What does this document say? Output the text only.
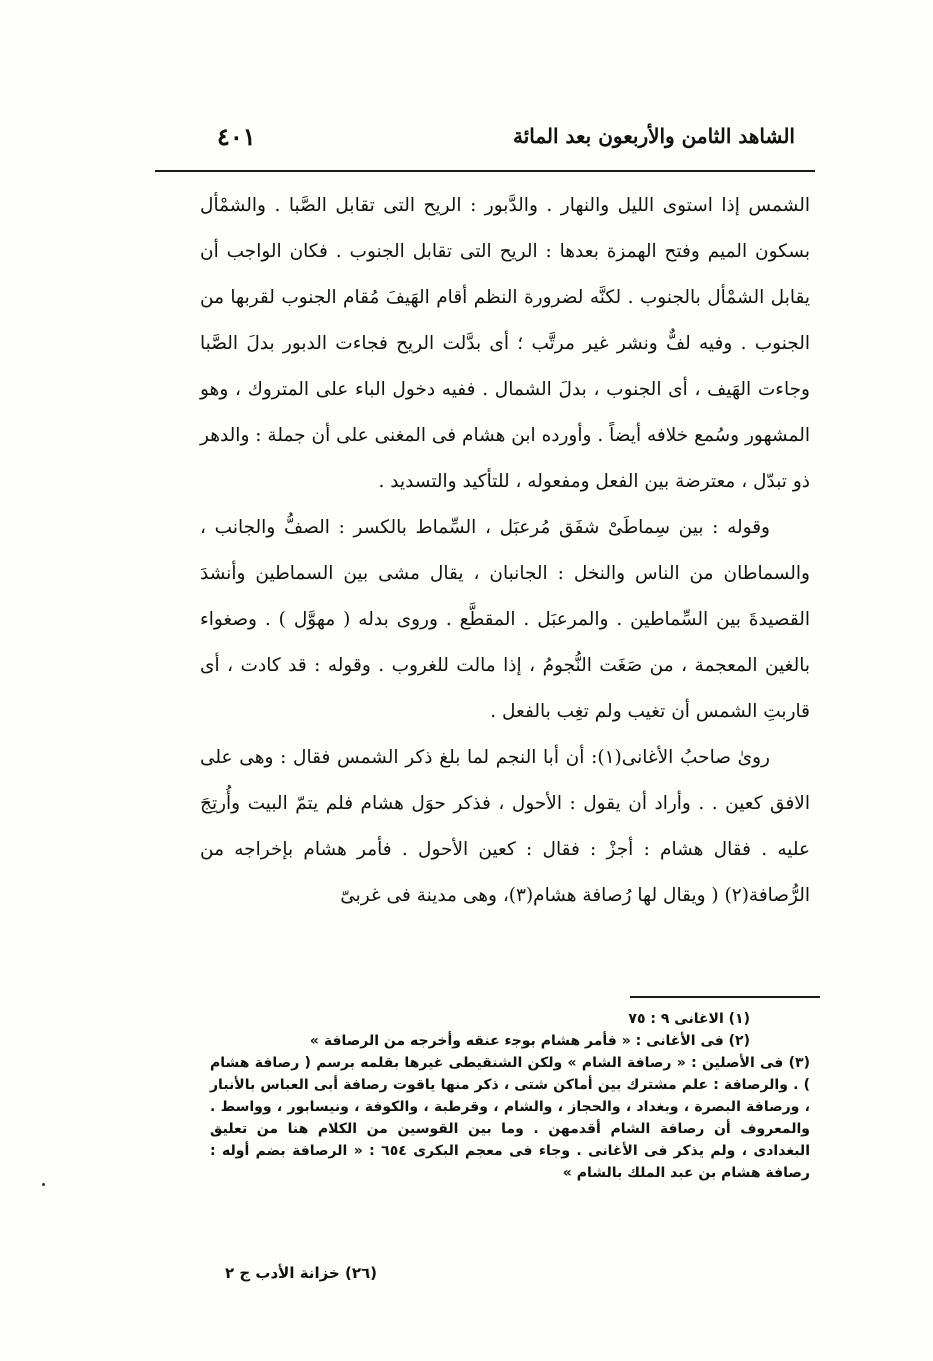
الشاهد الثامن والأربعون بعد المائة
٤٠١

الشمس إذا استوى الليل والنهار . والدَّبور : الريح التى تقابل الصَّبا . والشمْأل بسكون الميم وفتح الهمزة بعدها : الريح التى تقابل الجنوب . فكان الواجب أن يقابل الشمْأل بالجنوب . لكنَّه لضرورة النظم أقام الهَيفَ مُقام الجنوب لقربها من الجنوب . وفيه لفٌّ ونشر غير مرتَّب ؛ أى بدَّلت الريح فجاءت الدبور بدلَ الصَّبا وجاءت الهَيف ، أى الجنوب ، بدلَ الشمال . ففيه دخول الباء على المتروك ، وهو المشهور وسُمع خلافه أيضاً . وأورده ابن هشام فى المغنى على أن جملة : والدهر ذو تبدّل ، معترضة بين الفعل ومفعوله ، للتأكيد والتسديد .

وقوله : بين سِماطَىْ شفَق مُرعبَل ، السِّماط بالكسر : الصفُّ والجانب ، والسماطان من الناس والنخل : الجانبان ، يقال مشى بين السماطين وأنشدَ القصيدةَ بين السِّماطين . والمرعبَل . المقطَّع . وروى بدله ( مهوَّل ) . وصغواء بالغين المعجمة ، من صَغَت النُّجومُ ، إذا مالت للغروب . وقوله : قد كادت ، أى قاربتِ الشمس أن تغيب ولم تغِب بالفعل .

روىٰ صاحبُ الأغانى(١): أن أبا النجم لما بلغ ذكر الشمس فقال : وهى على الافق كعين . . وأراد أن يقول : الأحول ، فذكر حوَل هشام فلم يتمّ البيت وأُرتِجَ عليه . فقال هشام : أجزْ : فقال : كعين الأحول . فأمر هشام بإخراجه من الرُّصافة(٢) ( ويقال لها رُصافة هشام(٣)، وهى مدينة فى غربىّ

(١) الاغانى ٩ : ٧٥

(٢) فى الأغانى : « فأمر هشام بوج‍ء عنقه وأخرجه من الرصافة »

(٣) فى الأصلين : « رصافة الشام » ولكن الشنقيطى غيرها بقلمه برسم ( رصافة هشام ) . والرصافة : علم مشترك بين أماكن شتى ، ذكر منها ياقوت رصافة أبى العباس بالأنبار ، ورصافة البصرة ، وبغداد ، والحجاز ، والشام ، وقرطبة ، والكوفة ، ونيسابور ، وواسط . والمعروف أن رصافة الشام أقدمهن . وما بين القوسين من الكلام هنا من تعليق البغدادى ، ولم يذكر فى الأغانى . وجاء فى معجم البكرى ٦٥٤ : « الرصافة بضم أوله : رصافة هشام بن عبد الملك بالشام »

(٢٦) خزانة الأدب ج ٢
